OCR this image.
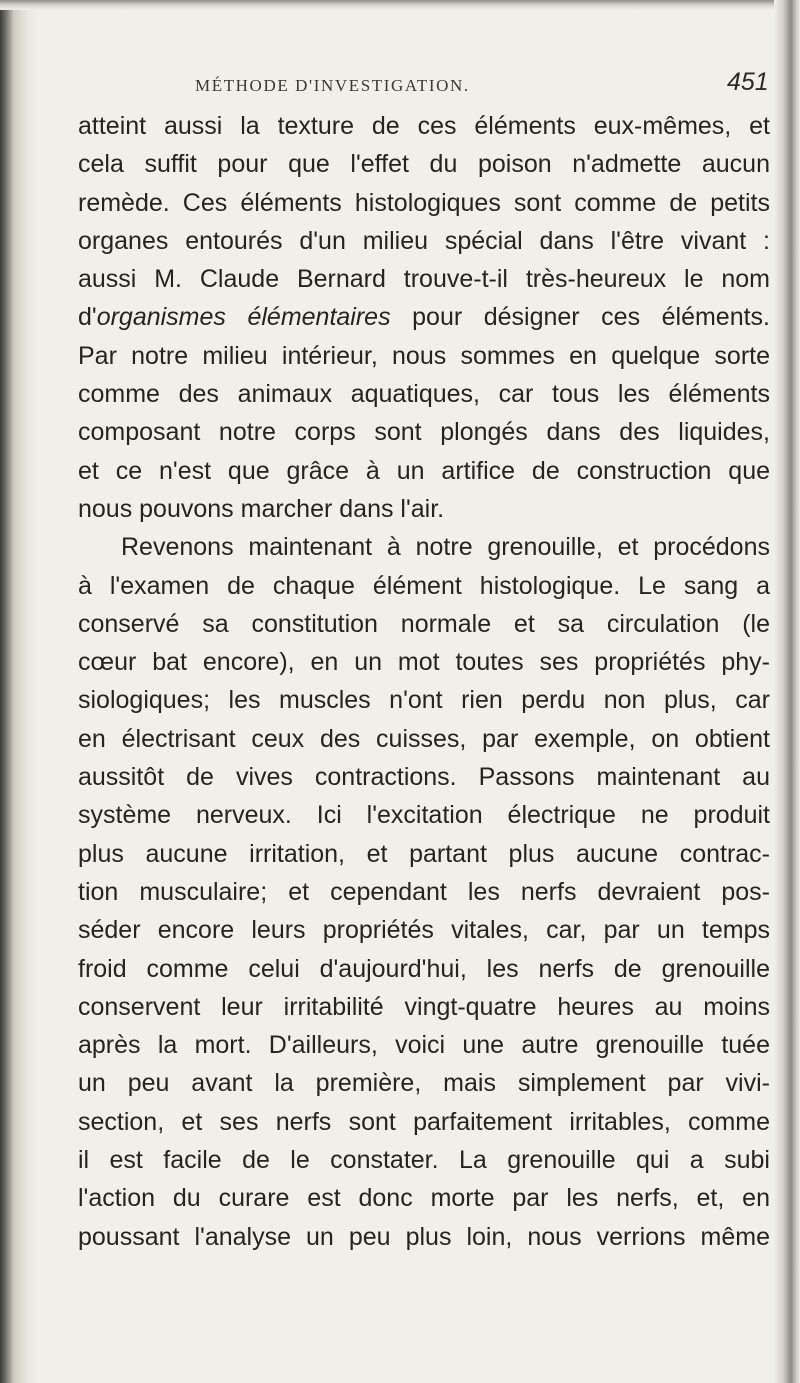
MÉTHODE D'INVESTIGATION.	451
atteint aussi la texture de ces éléments eux-mêmes, et
cela suffit pour que l'effet du poison n'admette aucun
remède. Ces éléments histologiques sont comme de petits
organes entourés d'un milieu spécial dans l'être vivant :
aussi M. Claude Bernard trouve-t-il très-heureux le nom
d'organismes élémentaires pour désigner ces éléments.
Par notre milieu intérieur, nous sommes en quelque sorte
comme des animaux aquatiques, car tous les éléments
composant notre corps sont plongés dans des liquides,
et ce n'est que grâce à un artifice de construction que
nous pouvons marcher dans l'air.
Revenons maintenant à notre grenouille, et procédons
à l'examen de chaque élément histologique. Le sang a
conservé sa constitution normale et sa circulation (le
cœur bat encore), en un mot toutes ses propriétés phy-
siologiques; les muscles n'ont rien perdu non plus, car
en électrisant ceux des cuisses, par exemple, on obtient
aussitôt de vives contractions. Passons maintenant au
système nerveux. Ici l'excitation électrique ne produit
plus aucune irritation, et partant plus aucune contrac-
tion musculaire; et cependant les nerfs devraient pos-
séder encore leurs propriétés vitales, car, par un temps
froid comme celui d'aujourd'hui, les nerfs de grenouille
conservent leur irritabilité vingt-quatre heures au moins
après la mort. D'ailleurs, voici une autre grenouille tuée
un peu avant la première, mais simplement par vivi-
section, et ses nerfs sont parfaitement irritables, comme
il est facile de le constater. La grenouille qui a subi
l'action du curare est donc morte par les nerfs, et, en
poussant l'analyse un peu plus loin, nous verrions même
